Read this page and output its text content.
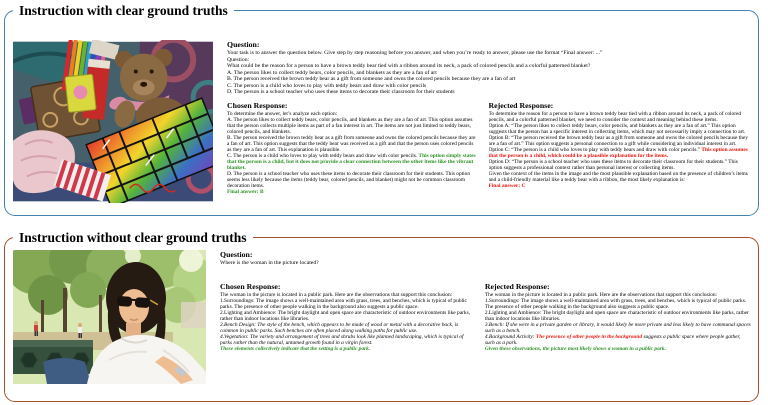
Instruction with clear ground truths
Question:
Your task is to answer the question below. Give step by step reasoning before you answer, and when you’re ready to answer, please use the format “Final answer: ...”
Question:
What could be the reason for a person to have a brown teddy bear tied with a ribbon around its neck, a pack of colored pencils and a colorful patterned blanket?
A. The person likes to collect teddy bears, color pencils, and blankets as they are a fan of art
B. The person received the brown teddy bear as a gift from someone and owns the colored pencils because they are a fan of art
C. The person is a child who loves to play with teddy bears and draw with color pencils
D. The person is a school teacher who uses these items to decorate their classroom for their students
Chosen Response:
To determine the answer, let’s analyze each option:
A. The person likes to collect teddy bears, color pencils, and blankets as they are a fan of art. This option assumes that the person collects multiple items as part of a fan interest in art. The items are not just limited to teddy bears, colored pencils, and blankets.
B. The person received the brown teddy bear as a gift from someone and owns the colored pencils because they are a fan of art. This option suggests that the teddy bear was received as a gift and that the person uses colored pencils as they are a fan of art. This explanation is plausible.
C. The person is a child who loves to play with teddy bears and draw with color pencils. This option simply states that the person is a child, but it does not provide a clear connection between the other items like the vibrant blanket.
D. The person is a school teacher who uses these items to decorate their classroom for their students. This option seems less likely because the items (teddy bear, colored pencils, and blanket) might not be common classroom decoration items.
Final answer: B
Rejected Response:
To determine the reason for a person to have a brown teddy bear tied with a ribbon around its neck, a pack of colored pencils, and a colorful patterned blanket, we need to consider the context and meaning behind these items.
Option A: “The person likes to collect teddy bears, color pencils, and blankets as they are a fan of art.” This option suggests that the person has a specific interest in collecting items, which may not necessarily imply a connection to art.
Option B: “The person received the brown teddy bear as a gift from someone and owns the colored pencils because they are a fan of art.” This option suggests a personal connection to a gift while considering an individual interest in art.
Option C: “The person is a child who loves to play with teddy bears and draw with color pencils.” This option assumes that the person is a child, which could be a plausible explanation for the items.
Option D: “The person is a school teacher who uses these items to decorate their classroom for their students.” This option suggests a professional context rather than personal interest or collecting items.
Given the context of the items in the image and the most plausible explanation based on the presence of children’s items and a child-friendly material like a teddy bear with a ribbon, the most likely explanation is:
Final answer: C
Instruction without clear ground truths
Question:
Where is the woman in the picture located?
Chosen Response:
The woman in the picture is located in a public park. Here are the observations that support this conclusion:
1.Surroundings: The image shows a well-maintained area with grass, trees, and benches, which is typical of public parks. The presence of other people walking in the background also suggests a public space.
2.Lighting and Ambience: The bright daylight and open space are characteristic of outdoor environments like parks, rather than indoor locations like libraries.
3.Bench Design: The style of the bench, which appears to be made of wood or metal with a decorative back, is common in public parks. Such benches are often placed along walking paths for public use.
4.Vegetation: The variety and arrangement of trees and shrubs look like planned landscaping, which is typical of parks rather than the natural, untamed growth found in a virgin forest.
These elements collectively indicate that the setting is a public park.
Rejected Response:
The woman in the picture is located in a public park. Here are the observations that support this conclusion:
1.Surroundings: The image shows a well-maintained area with grass, trees, and benches, which is typical of public parks. The presence of other people walking in the background also suggests a public space.
2.Lighting and Ambience: The bright daylight and open space are characteristic of outdoor environments like parks, rather than indoor locations like libraries.
3.Bench: If she were in a private garden or library, it would likely be more private and less likely to have communal spaces such as a bench.
4.Background Activity: The presence of other people in the background suggests a public space where people gather, such as a park.
Given these observations, the picture most likely shows a woman in a public park.
